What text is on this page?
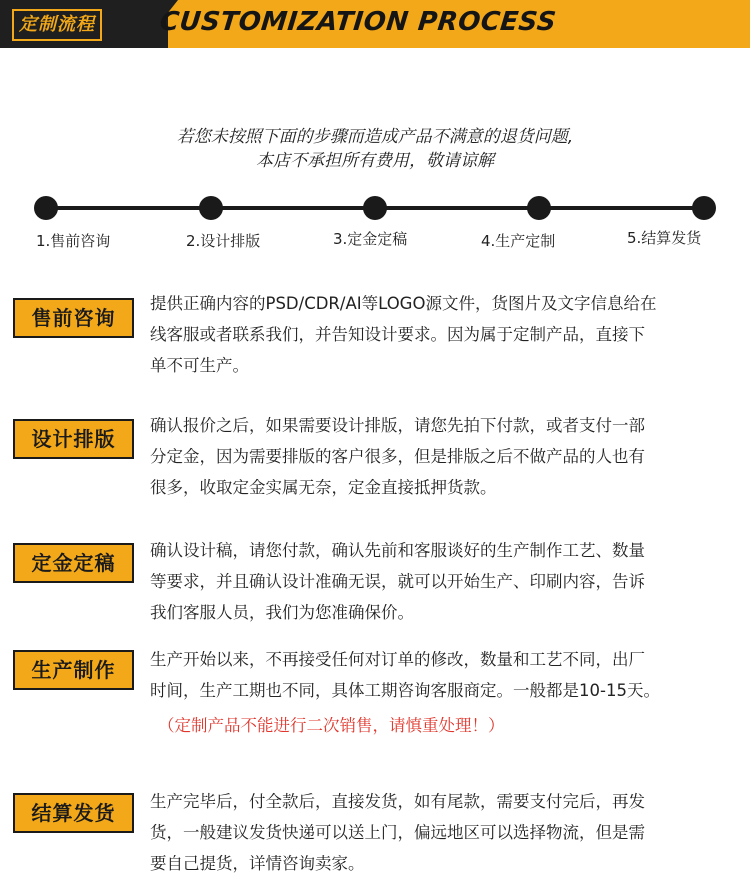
定制流程 CUSTOMIZATION PROCESS
若您未按照下面的步骤而造成产品不满意的退货问题,
本店不承担所有费用，敬请谅解
1.售前咨询	2.设计排版	3.定金定稿	4.生产定制	5.结算发货
售前咨询
提供正确内容的PSD/CDR/AI等LOGO源文件，货图片及文字信息给在
线客服或者联系我们，并告知设计要求。因为属于定制产品，直接下
单不可生产。
设计排版
确认报价之后，如果需要设计排版，请您先拍下付款，或者支付一部
分定金，因为需要排版的客户很多，但是排版之后不做产品的人也有
很多，收取定金实属无奈，定金直接抵押货款。
定金定稿
确认设计稿，请您付款，确认先前和客服谈好的生产制作工艺、数量
等要求，并且确认设计准确无误，就可以开始生产、印刷内容，告诉
我们客服人员，我们为您准确保价。
生产制作	生产开始以来，不再接受任何对订单的修改，数量和工艺不同，出厂
时间，生产工期也不同，具体工期咨询客服商定。一般都是10-15天。
（定制产品不能进行二次销售，请慎重处理！）
结算发货	生产完毕后，付全款后，直接发货，如有尾款，需要支付完后，再发
货，一般建议发货快递可以送上门，偏远地区可以选择物流，但是需
要自己提货，详情咨询卖家。
